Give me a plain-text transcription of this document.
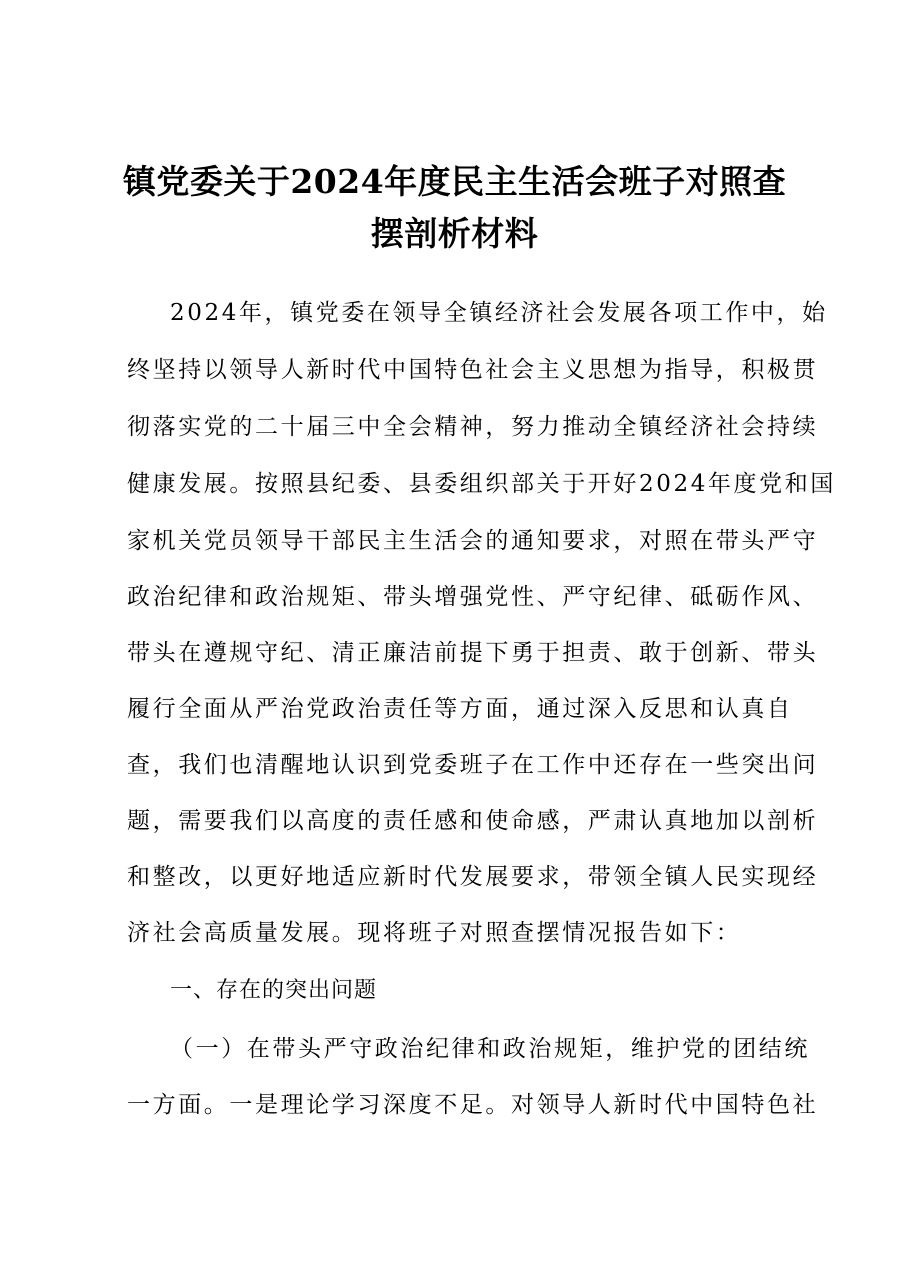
镇党委关于2024年度民主生活会班子对照查
摆剖析材料
2024年，镇党委在领导全镇经济社会发展各项工作中，始
终坚持以领导人新时代中国特色社会主义思想为指导，积极贯
彻落实党的二十届三中全会精神，努力推动全镇经济社会持续
健康发展。按照县纪委、县委组织部关于开好2024年度党和国
家机关党员领导干部民主生活会的通知要求，对照在带头严守
政治纪律和政治规矩、带头增强党性、严守纪律、砥砺作风、
带头在遵规守纪、清正廉洁前提下勇于担责、敢于创新、带头
履行全面从严治党政治责任等方面，通过深入反思和认真自
查，我们也清醒地认识到党委班子在工作中还存在一些突出问
题，需要我们以高度的责任感和使命感，严肃认真地加以剖析
和整改，以更好地适应新时代发展要求，带领全镇人民实现经
济社会高质量发展。现将班子对照查摆情况报告如下：
一、存在的突出问题
（一）在带头严守政治纪律和政治规矩，维护党的团结统
一方面。一是理论学习深度不足。对领导人新时代中国特色社
